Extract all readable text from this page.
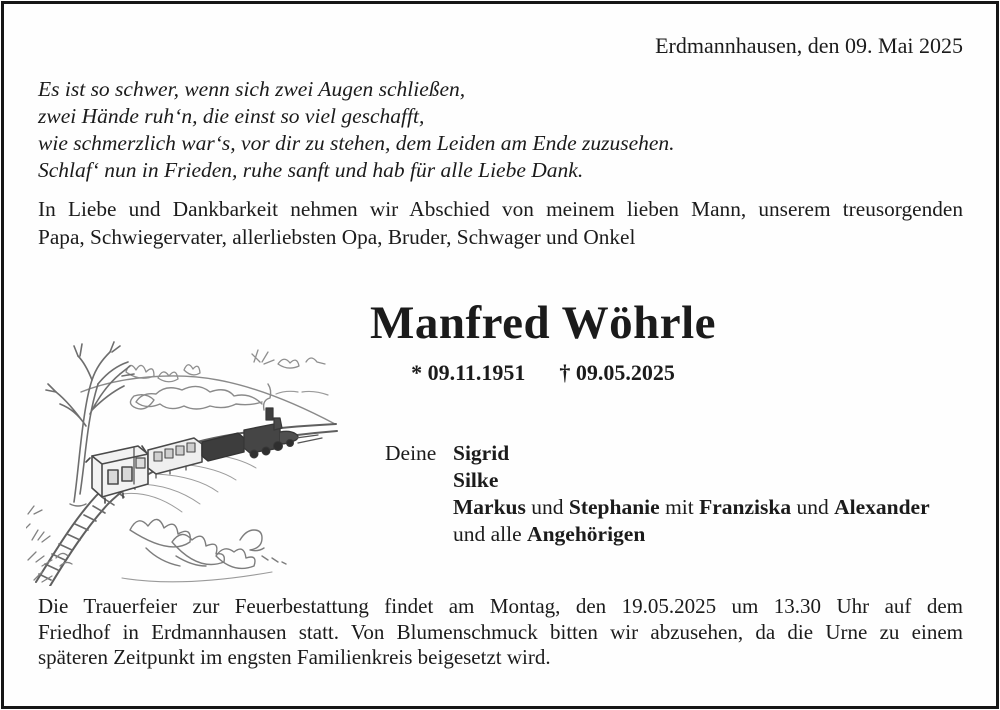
Erdmannhausen, den 09. Mai 2025
Es ist so schwer, wenn sich zwei Augen schließen,
zwei Hände ruh‘n, die einst so viel geschafft,
wie schmerzlich war‘s, vor dir zu stehen, dem Leiden am Ende zuzusehen.
Schlaf‘ nun in Frieden, ruhe sanft und hab für alle Liebe Dank.
In Liebe und Dankbarkeit nehmen wir Abschied von meinem lieben Mann, unserem treusorgenden
Papa, Schwiegervater, allerliebsten Opa, Bruder, Schwager und Onkel
Manfred Wöhrle
* 09.11.1951 † 09.05.2025
Deine Sigrid
Silke
Markus und Stephanie mit Franziska und Alexander
und alle Angehörigen
Die Trauerfeier zur Feuerbestattung findet am Montag, den 19.05.2025 um 13.30 Uhr auf dem
Friedhof in Erdmannhausen statt. Von Blumenschmuck bitten wir abzusehen, da die Urne zu einem
späteren Zeitpunkt im engsten Familienkreis beigesetzt wird.
